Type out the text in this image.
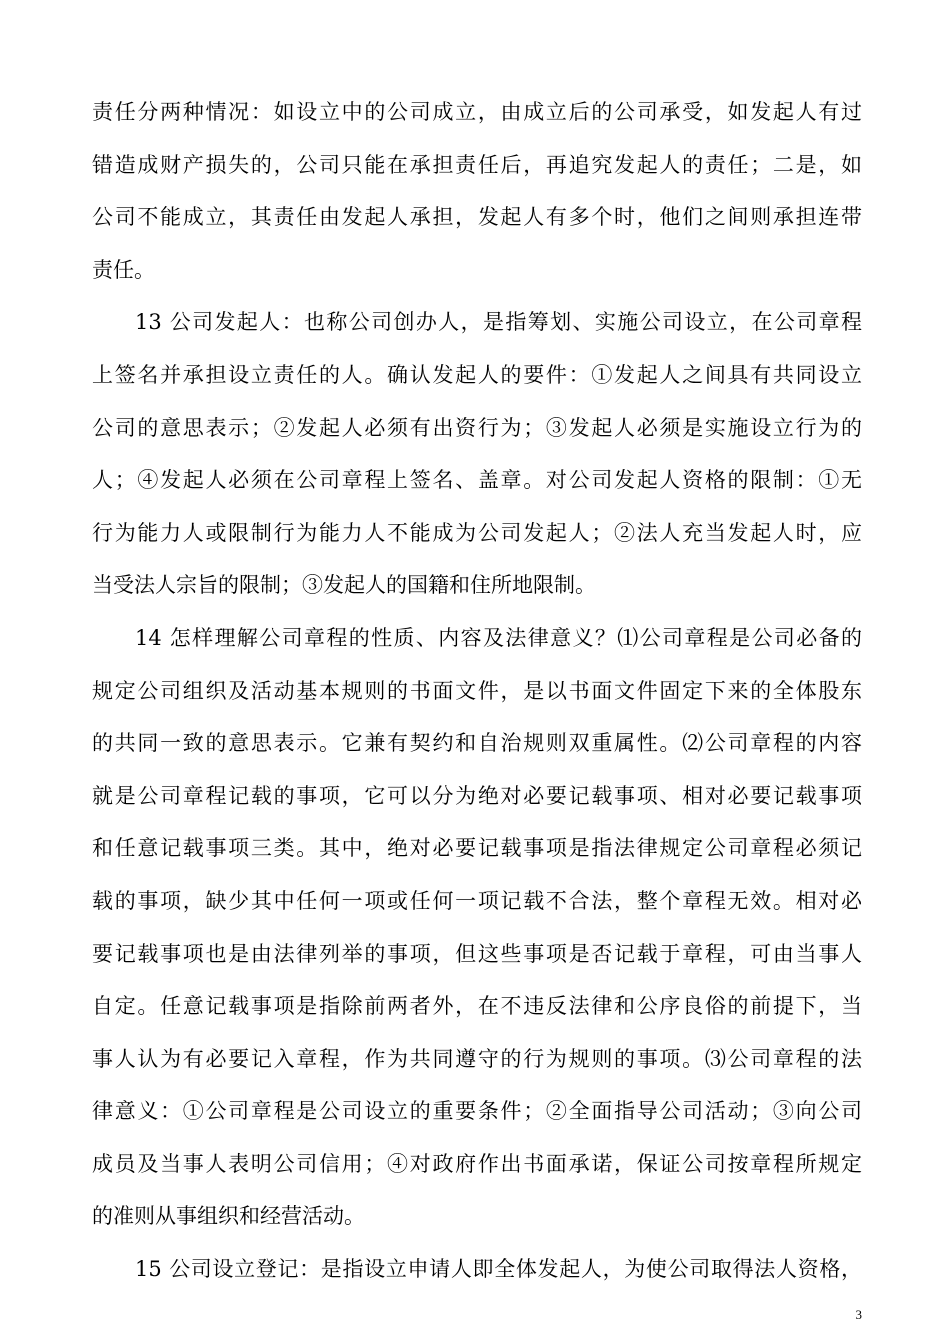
责任分两种情况：如设立中的公司成立，由成立后的公司承受，如发起人有过
错造成财产损失的，公司只能在承担责任后，再追究发起人的责任；二是，如
公司不能成立，其责任由发起人承担，发起人有多个时，他们之间则承担连带
责任。
13 公司发起人：也称公司创办人，是指筹划、实施公司设立，在公司章程
上签名并承担设立责任的人。确认发起人的要件：①发起人之间具有共同设立
公司的意思表示；②发起人必须有出资行为；③发起人必须是实施设立行为的
人；④发起人必须在公司章程上签名、盖章。对公司发起人资格的限制：①无
行为能力人或限制行为能力人不能成为公司发起人；②法人充当发起人时，应
当受法人宗旨的限制；③发起人的国籍和住所地限制。
14 怎样理解公司章程的性质、内容及法律意义？⑴公司章程是公司必备的
规定公司组织及活动基本规则的书面文件，是以书面文件固定下来的全体股东
的共同一致的意思表示。它兼有契约和自治规则双重属性。⑵公司章程的内容
就是公司章程记载的事项，它可以分为绝对必要记载事项、相对必要记载事项
和任意记载事项三类。其中，绝对必要记载事项是指法律规定公司章程必须记
载的事项，缺少其中任何一项或任何一项记载不合法，整个章程无效。相对必
要记载事项也是由法律列举的事项，但这些事项是否记载于章程，可由当事人
自定。任意记载事项是指除前两者外，在不违反法律和公序良俗的前提下，当
事人认为有必要记入章程，作为共同遵守的行为规则的事项。⑶公司章程的法
律意义：①公司章程是公司设立的重要条件；②全面指导公司活动；③向公司
成员及当事人表明公司信用；④对政府作出书面承诺，保证公司按章程所规定
的准则从事组织和经营活动。
15 公司设立登记：是指设立申请人即全体发起人，为使公司取得法人资格，
3
